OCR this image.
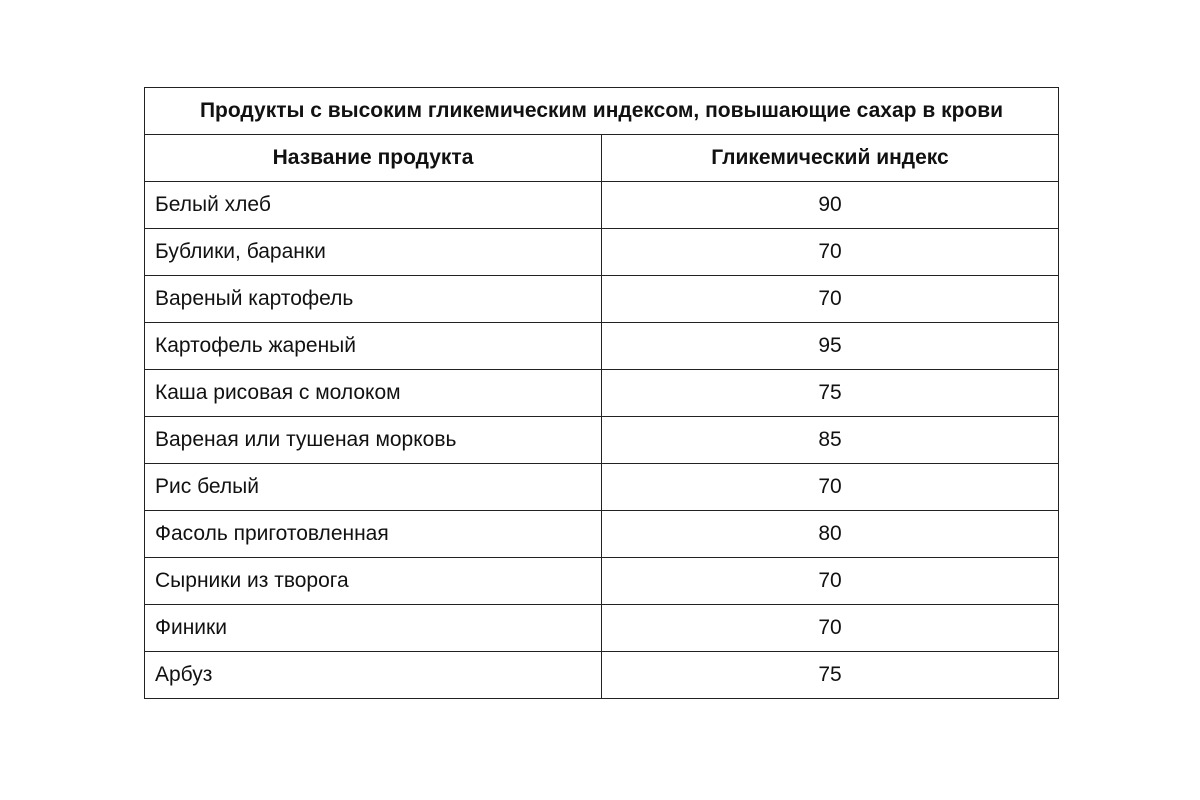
Продукты с высоким гликемическим индексом, повышающие сахар в крови	
Название продукта	Гликемический индекс
Белый хлеб	90
Бублики, баранки	70
Вареный картофель	70
Картофель жареный	95
Каша рисовая с молоком	75
Вареная или тушеная морковь	85
Рис белый	70
Фасоль приготовленная	80
Сырники из творога	70
Финики	70
Арбуз	75
